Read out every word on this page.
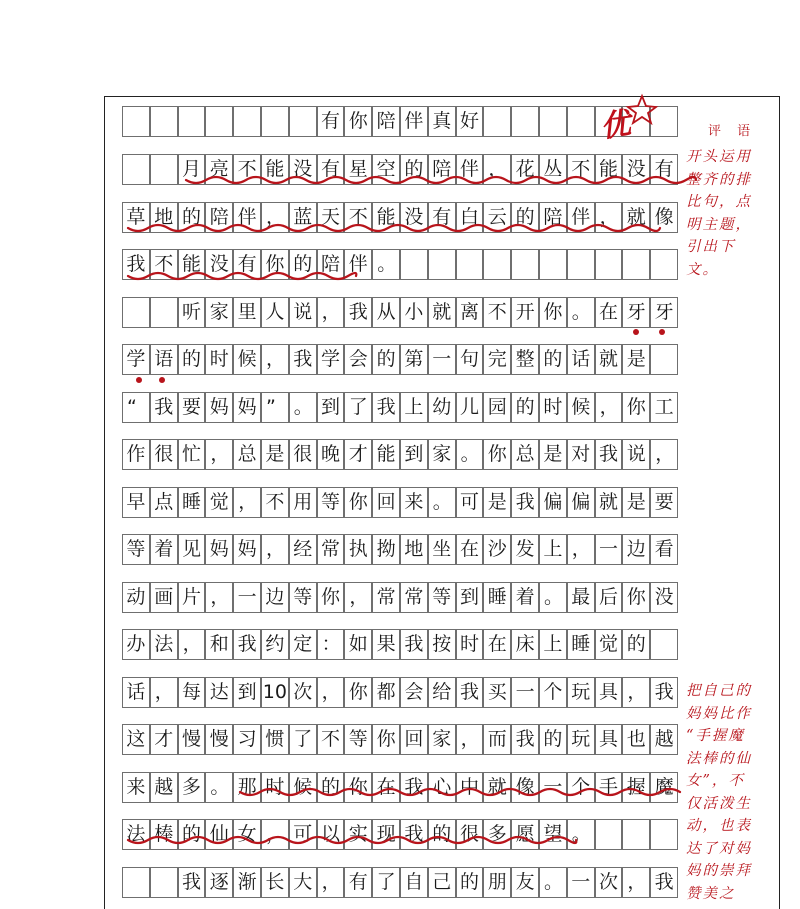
有 你 陪 伴 真 好
月 亮 不 能 没 有 星 空 的 陪 伴 ， 花 丛 不 能 没 有
草 地 的 陪 伴 ， 蓝 天 不 能 没 有 白 云 的 陪 伴 ， 就 像
我 不 能 没 有 你 的 陪 伴 。
听 家 里 人 说 ， 我 从 小 就 离 不 开 你 。 在 牙 牙
学 语 的 时 候 ， 我 学 会 的 第 一 句 完 整 的 话 就 是
“ 我 要 妈 妈 ” 。 到 了 我 上 幼 儿 园 的 时 候 ， 你 工
作 很 忙 ， 总 是 很 晚 才 能 到 家 。 你 总 是 对 我 说 ，
早 点 睡 觉 ， 不 用 等 你 回 来 。 可 是 我 偏 偏 就 是 要
等 着 见 妈 妈 ， 经 常 执 拗 地 坐 在 沙 发 上 ， 一 边 看
动 画 片 ， 一 边 等 你 ， 常 常 等 到 睡 着 。 最 后 你 没
办 法 ， 和 我 约 定 ： 如 果 我 按 时 在 床 上 睡 觉 的
话 ， 每 达 到 10 次 ， 你 都 会 给 我 买 一 个 玩 具 ， 我
这 才 慢 慢 习 惯 了 不 等 你 回 家 ， 而 我 的 玩 具 也 越
来 越 多 。 那 时 候 的 你 在 我 心 中 就 像 一 个 手 握 魔
法 棒 的 仙 女 ， 可 以 实 现 我 的 很 多 愿 望 。
我 逐 渐 长 大 ， 有 了 自 己 的 朋 友 。 一 次 ， 我
优	评 语
开头运用
整齐的排
比句，点
明主题，
引出下
文。
把自己的
妈妈比作
“手握魔
法棒的仙
女”，不
仅活泼生
动，也表
达了对妈
妈的崇拜
赞美之
